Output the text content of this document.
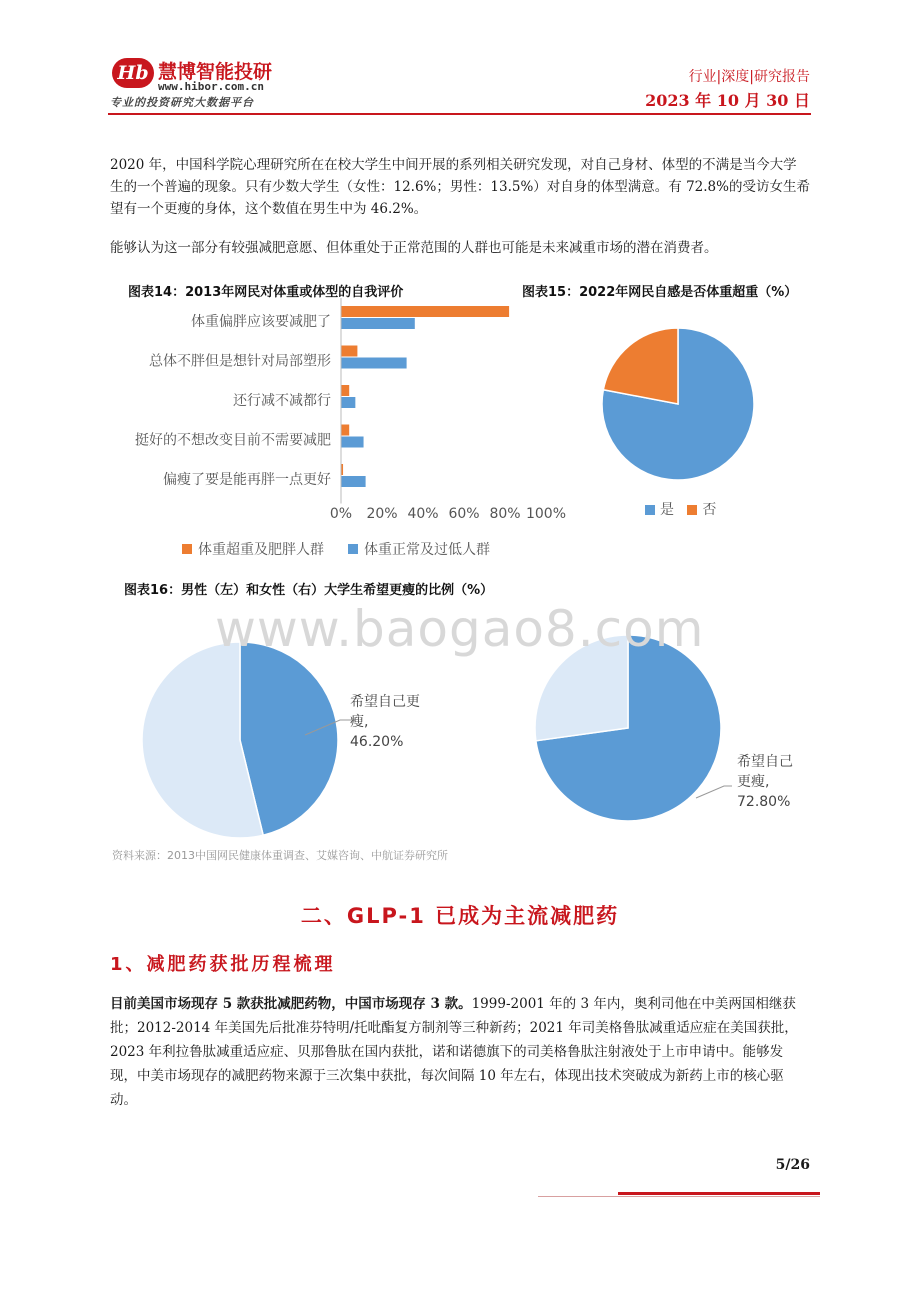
Hb 慧博智能投研
www.hibor.com.cn
专业的投资研究大数据平台
行业|深度|研究报告
2023 年 10 月 30 日
2020 年，中国科学院心理研究所在在校大学生中间开展的系列相关研究发现，对自己身材、体型的不满是当今大学生的一个普遍的现象。只有少数大学生（女性：12.6%；男性：13.5%）对自身的体型满意。有 72.8%的受访女生希望有一个更瘦的身体，这个数值在男生中为 46.2%。
能够认为这一部分有较强减肥意愿、但体重处于正常范围的人群也可能是未来减重市场的潜在消费者。
图表14：2013年网民对体重或体型的自我评价
体重偏胖应该要减肥了
总体不胖但是想针对局部塑形
还行减不减都行
挺好的不想改变目前不需要减肥
偏瘦了要是能再胖一点更好
0% 20% 40% 60% 80% 100%
体重超重及肥胖人群	体重正常及过低人群
图表15：2022年网民自感是否体重超重（%）
是 否
图表16：男性（左）和女性（右）大学生希望更瘦的比例（%）
希望自己更
瘦,
46.20%
希望自己
更瘦,
72.80%
www.baogao8.com
资料来源：2013中国网民健康体重调查、艾媒咨询、中航证券研究所
二、GLP-1 已成为主流减肥药
1、减肥药获批历程梳理
目前美国市场现存 5 款获批减肥药物，中国市场现存 3 款。1999-2001 年的 3 年内，奥利司他在中美两国相继获批；2012-2014 年美国先后批准芬特明/托吡酯复方制剂等三种新药；2021 年司美格鲁肽减重适应症在美国获批，2023 年利拉鲁肽减重适应症、贝那鲁肽在国内获批，诺和诺德旗下的司美格鲁肽注射液处于上市申请中。能够发现，中美市场现存的减肥药物来源于三次集中获批，每次间隔 10 年左右，体现出技术突破成为新药上市的核心驱动。
5/26
